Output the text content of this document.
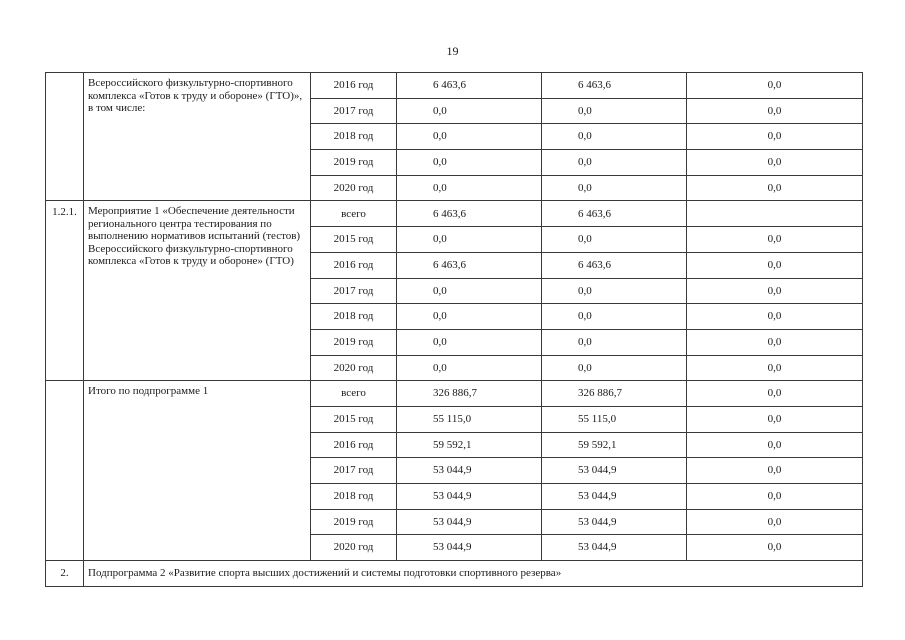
19
	Всероссийского физкультурно-спортивного комплекса «Готов к труду и обороне» (ГТО)», в том числе:	2016 год	6 463,6	6 463,6	0,0
		2017 год	0,0	0,0	0,0
		2018 год	0,0	0,0	0,0
		2019 год	0,0	0,0	0,0
		2020 год	0,0	0,0	0,0
1.2.1.	Мероприятие 1 «Обеспечение деятельности регионального центра тестирования по выполнению нормативов испытаний (тестов) Всероссийского физкультурно-спортивного комплекса «Готов к труду и обороне» (ГТО)	всего	6 463,6	6 463,6	
		2015 год	0,0	0,0	0,0
		2016 год	6 463,6	6 463,6	0,0
		2017 год	0,0	0,0	0,0
		2018 год	0,0	0,0	0,0
		2019 год	0,0	0,0	0,0
		2020 год	0,0	0,0	0,0
	Итого по подпрограмме 1	всего	326 886,7	326 886,7	0,0
		2015 год	55 115,0	55 115,0	0,0
		2016 год	59 592,1	59 592,1	0,0
		2017 год	53 044,9	53 044,9	0,0
		2018 год	53 044,9	53 044,9	0,0
		2019 год	53 044,9	53 044,9	0,0
		2020 год	53 044,9	53 044,9	0,0
2.	Подпрограмма 2 «Развитие спорта высших достижений и системы подготовки спортивного резерва»				
